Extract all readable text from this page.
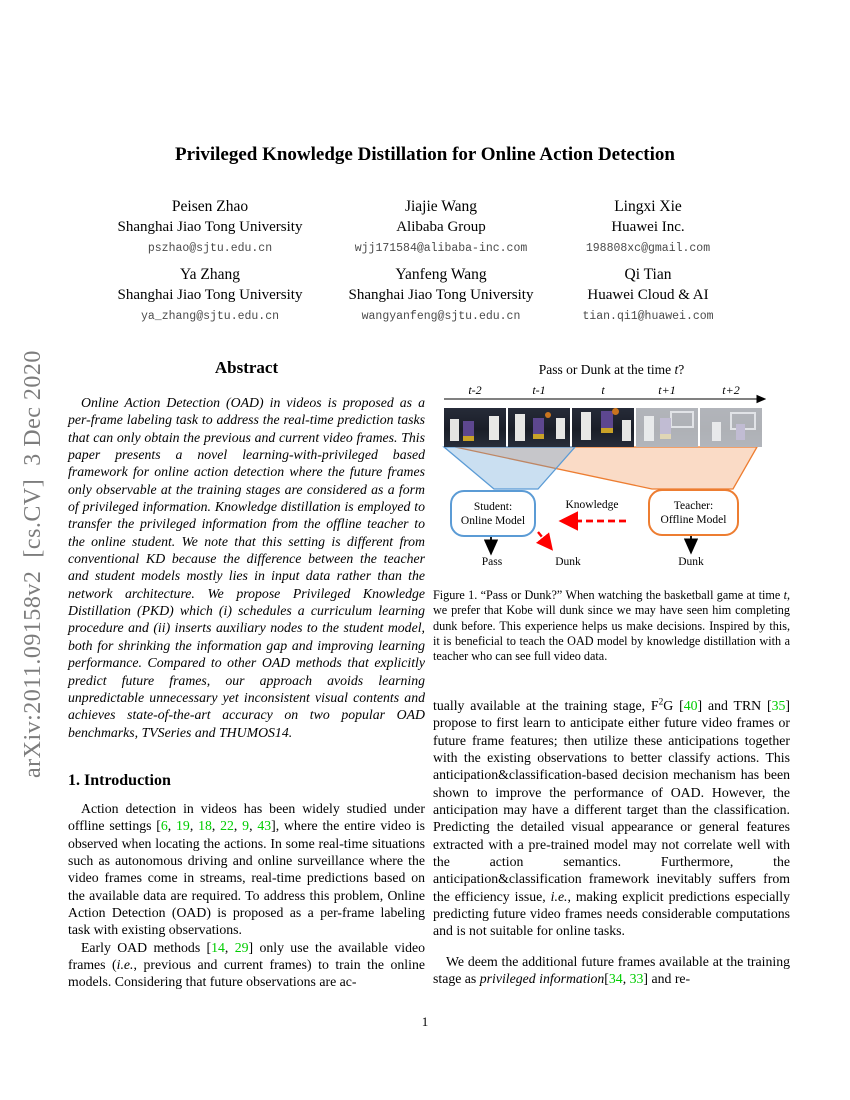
arXiv:2011.09158v2  [cs.CV]  3 Dec 2020
Privileged Knowledge Distillation for Online Action Detection
Peisen Zhao
Shanghai Jiao Tong University
pszhao@sjtu.edu.cn
Jiajie Wang
Alibaba Group
wjj171584@alibaba-inc.com
Lingxi Xie
Huawei Inc.
198808xc@gmail.com
Ya Zhang
Shanghai Jiao Tong University
ya_zhang@sjtu.edu.cn
Yanfeng Wang
Shanghai Jiao Tong University
wangyanfeng@sjtu.edu.cn
Qi Tian
Huawei Cloud & AI
tian.qi1@huawei.com
Abstract

Online Action Detection (OAD) in videos is proposed as a per-frame labeling task to address the real-time prediction tasks that can only obtain the previous and current video frames. This paper presents a novel learning-with-privileged based framework for online action detection where the future frames only observable at the training stages are considered as a form of privileged information. Knowledge distillation is employed to transfer the privileged information from the offline teacher to the online student. We note that this setting is different from conventional KD because the difference between the teacher and student models mostly lies in input data rather than the network architecture. We propose Privileged Knowledge Distillation (PKD) which (i) schedules a curriculum learning procedure and (ii) inserts auxiliary nodes to the student model, both for shrinking the information gap and improving learning performance. Compared to other OAD methods that explicitly predict future frames, our approach avoids learning unpredictable unnecessary yet inconsistent visual contents and achieves state-of-the-art accuracy on two popular OAD benchmarks, TVSeries and THUMOS14.

1. Introduction

Action detection in videos has been widely studied under offline settings [6, 19, 18, 22, 9, 43], where the entire video is observed when locating the actions. In some real-time situations such as autonomous driving and online surveillance where the video frames come in streams, real-time predictions based on the available data are required. To address this problem, Online Action Detection (OAD) is proposed as a per-frame labeling task with existing observations.

Early OAD methods [14, 29] only use the available video frames (i.e., previous and current frames) to train the online models. Considering that future observations are ac-

Pass or Dunk at the time t?
t-2	t-1	t	t+1	t+2
Student:
Online Model
Teacher:
Offline Model
Knowledge
Pass	Dunk	Dunk

Figure 1. “Pass or Dunk?” When watching the basketball game at time t, we prefer that Kobe will dunk since we may have seen him completing dunk before. This experience helps us make decisions. Inspired by this, it is beneficial to teach the OAD model by knowledge distillation with a teacher who can see full video data.

tually available at the training stage, $F^2G$ [40] and TRN [35] propose to first learn to anticipate either future video frames or future frame features; then utilize these anticipations together with the existing observations to better classify actions. This anticipation&classification-based decision mechanism has been shown to improve the performance of OAD. However, the anticipation may have a different target than the classification. Predicting the detailed visual appearance or general features extracted with a pre-trained model may not correlate well with the action semantics. Furthermore, the anticipation&classification framework inevitably suffers from the efficiency issue, i.e., making explicit predictions especially predicting future video frames needs considerable computations and is not suitable for online tasks.

We deem the additional future frames available at the training stage as privileged information[34, 33] and re-

1
